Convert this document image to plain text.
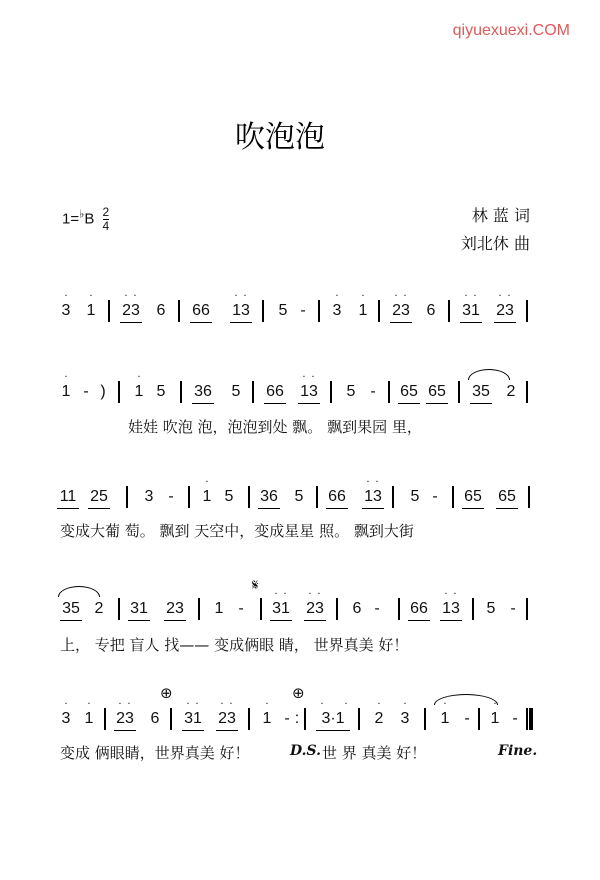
qiyuexuexi.COM
吹泡泡
$1=^♭B \frac{2}{4}$	林 蓝 词
刘北休 曲
3
·
1
·
23
· ·
6	66 13
· ·
5 -	3
·
1
·
23
· ·
6	31
· ·
23
· ·
1
·
- )	1
·
5	36	5	66 13
· ·
5 -	65 65 35	2
娃娃 吹泡 泡，泡泡到处 飘。 飘到果园 里，
11 25	3 -	1
·
5	36	5	66 13
· ·
5 -	65 65
变成大葡 萄。 飘到 天空中，变成星星 照。 飘到大街
35 2	31 23	1 -
𝄋
31
· ·
23
· ·
6 -	66 13
· ·
5 -
上， 专把 盲人 找—— 变成俩眼 睛， 世界真美 好！
3
·
1
·
23
· ·
6
⊕
31
· ·
23
· ·
1
·
- :
⊕
3·1
· ·
2
·
3
·
1
·
-	1
·
-
变成 俩眼睛，世界真美 好！	D.S. 世 界 真美 好！	Fine.
